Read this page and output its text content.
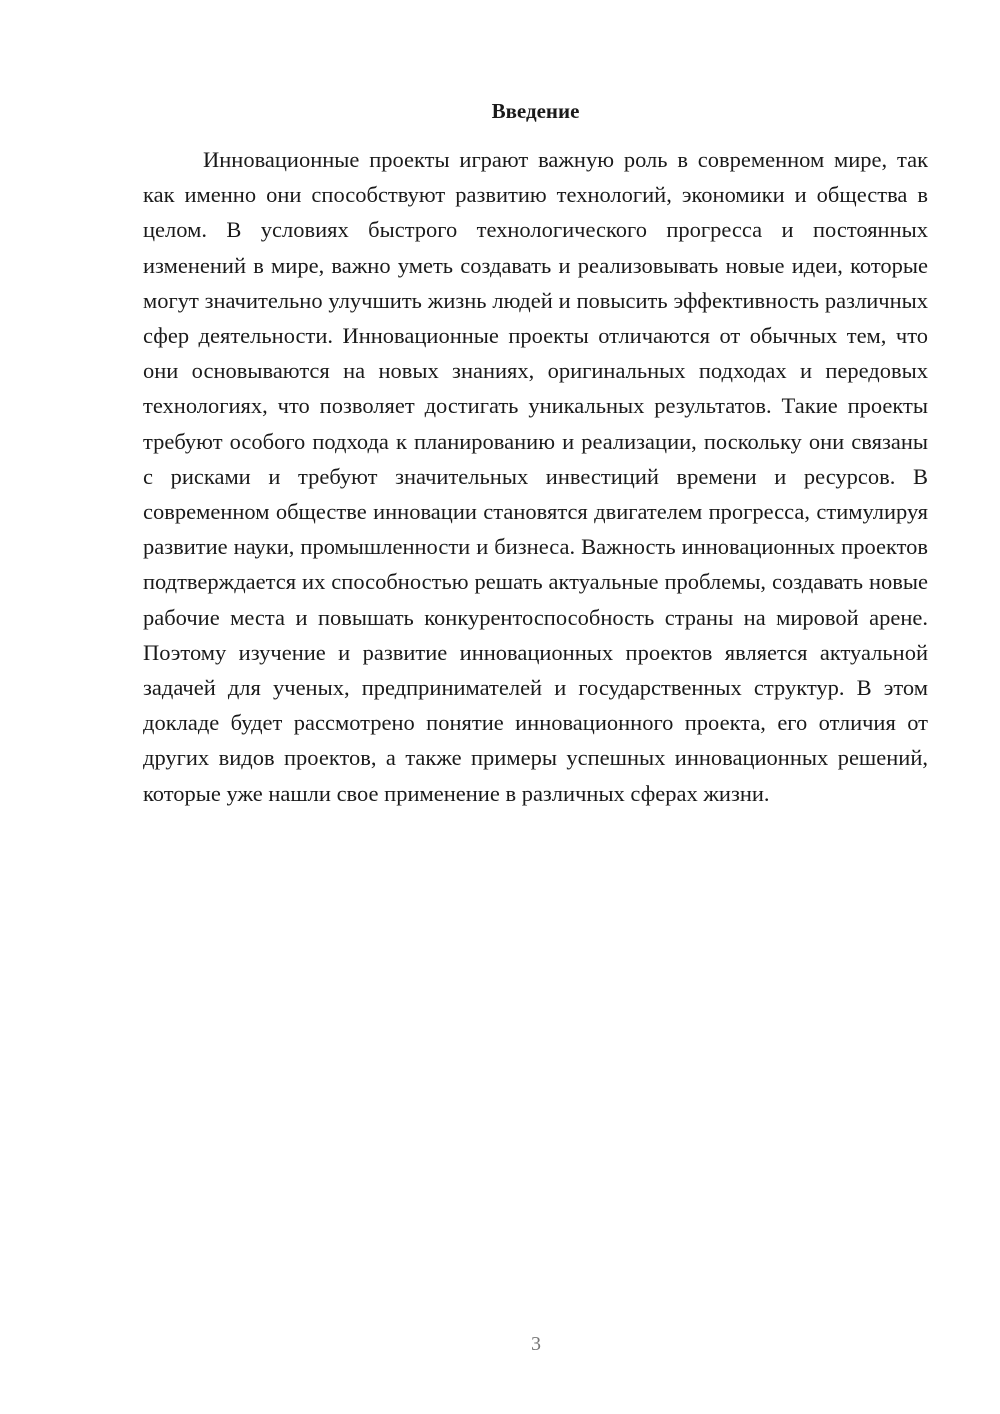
Введение

Инновационные проекты играют важную роль в современном мире, так как именно они способствуют развитию технологий, экономики и общества в целом. В условиях быстрого технологического прогресса и постоянных изменений в мире, важно уметь создавать и реализовывать новые идеи, которые могут значительно улучшить жизнь людей и повысить эффективность различных сфер деятельности. Инновационные проекты отличаются от обычных тем, что они основываются на новых знаниях, оригинальных подходах и передовых технологиях, что позволяет достигать уникальных результатов. Такие проекты требуют особого подхода к планированию и реализации, поскольку они связаны с рисками и требуют значительных инвестиций времени и ресурсов. В современном обществе инновации становятся двигателем прогресса, стимулируя развитие науки, промышленности и бизнеса. Важность инновационных проектов подтверждается их способностью решать актуальные проблемы, создавать новые рабочие места и повышать конкурентоспособность страны на мировой арене. Поэтому изучение и развитие инновационных проектов является актуальной задачей для ученых, предпринимателей и государственных структур. В этом докладе будет рассмотрено понятие инновационного проекта, его отличия от других видов проектов, а также примеры успешных инновационных решений, которые уже нашли свое применение в различных сферах жизни.

3
